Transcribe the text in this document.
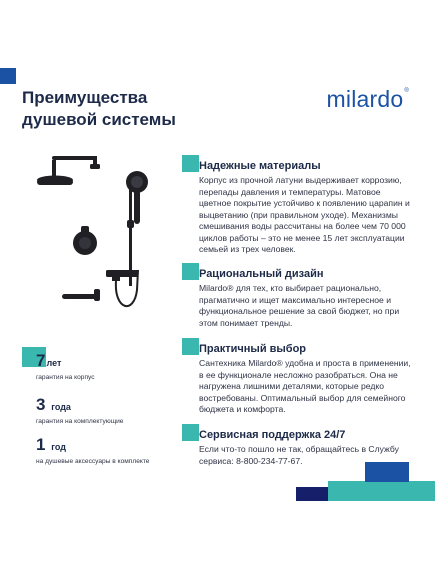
Преимущества
душевой системы
milardo®
Надежные материалы

Корпус из прочной латуни выдерживает коррозию, перепады давления и температуры. Матовое цветное покрытие устойчиво к появлению царапин и выцветанию (при правильном уходе). Механизмы смешивания воды рассчитаны на более чем 70 000 циклов работы – это не менее 15 лет эксплуатации семьей из трех человек.

Рациональный дизайн

Milardo® для тех, кто выбирает рационально, прагматично и ищет максимально интересное и функциональное решение за свой бюджет, но при этом понимает тренды.

Практичный выбор

Сантехника Milardo® удобна и проста в применении, в ее функционале несложно разобраться. Она не нагружена лишними деталями, которые редко востребованы. Оптимальный выбор для семейного бюджета и комфорта.

Сервисная поддержка 24/7

Если что-то пошло не так, обращайтесь в Службу сервиса: 8-800-234-77-67.

7лет
гарантия на корпус
3 года
гарантия на комплектующие
1 год
на душевые аксессуары в комплекте
